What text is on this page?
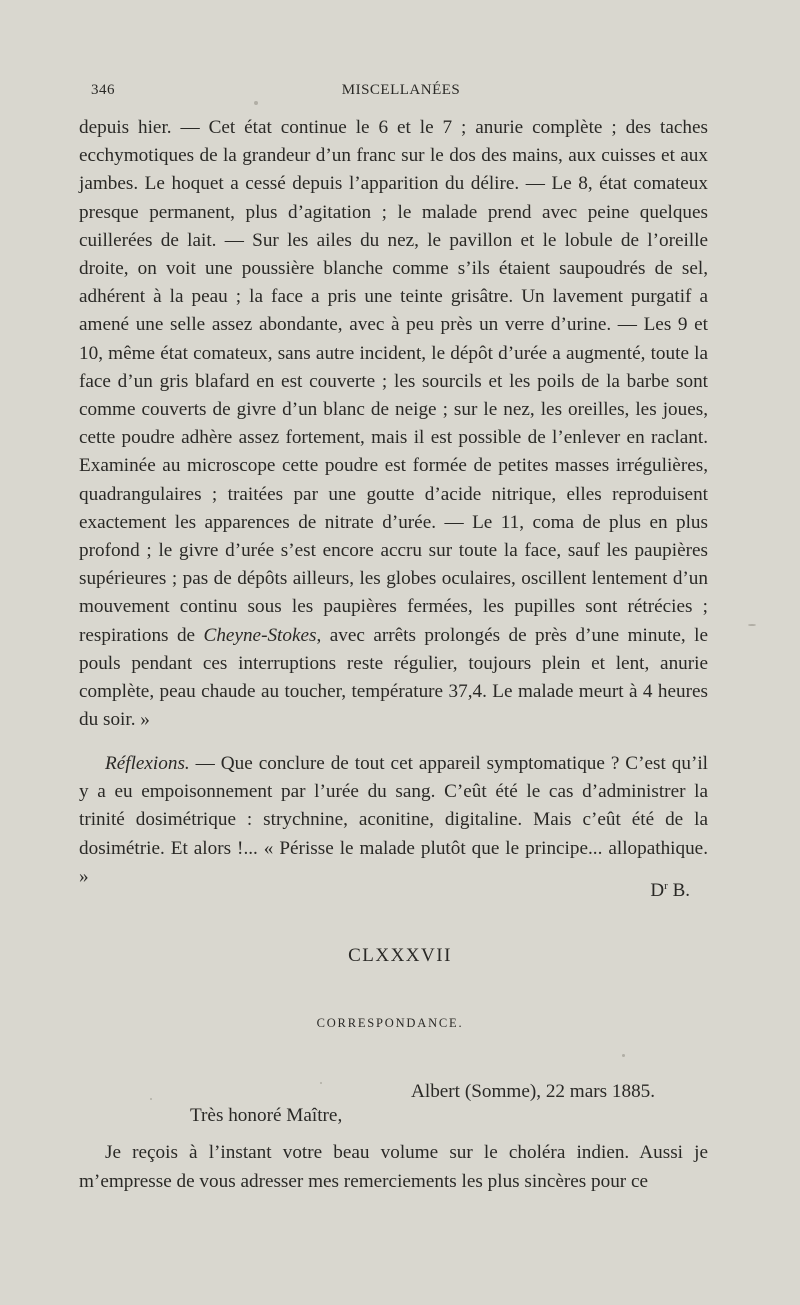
346	MISCELLANÉES

depuis hier. — Cet état continue le 6 et le 7 ; anurie complète ; des taches ecchymotiques de la grandeur d’un franc sur le dos des mains, aux cuisses et aux jambes. Le hoquet a cessé depuis l’apparition du délire. — Le 8, état comateux presque permanent, plus d’agitation ; le malade prend avec peine quelques cuillerées de lait. — Sur les ailes du nez, le pavillon et le lobule de l’oreille droite, on voit une poussière blanche comme s’ils étaient saupoudrés de sel, adhérent à la peau ; la face a pris une teinte grisâtre. Un lavement purgatif a amené une selle assez abondante, avec à peu près un verre d’urine. — Les 9 et 10, même état comateux, sans autre incident, le dépôt d’urée a augmenté, toute la face d’un gris blafard en est couverte ; les sourcils et les poils de la barbe sont comme couverts de givre d’un blanc de neige ; sur le nez, les oreilles, les joues, cette poudre adhère assez fortement, mais il est possible de l’enlever en raclant. Examinée au microscope cette poudre est formée de petites masses irrégulières, quadrangulaires ; traitées par une goutte d’acide nitrique, elles reproduisent exactement les apparences de nitrate d’urée. — Le 11, coma de plus en plus profond ; le givre d’urée s’est encore accru sur toute la face, sauf les paupières supérieures ; pas de dépôts ailleurs, les globes oculaires, oscillent lentement d’un mouvement continu sous les paupières fermées, les pupilles sont rétrécies ; respirations de Cheyne-Stokes, avec arrêts prolongés de près d’une minute, le pouls pendant ces interruptions reste régulier, toujours plein et lent, anurie complète, peau chaude au toucher, température 37,4. Le malade meurt à 4 heures du soir. »

Réflexions. — Que conclure de tout cet appareil symptomatique ? C’est qu’il y a eu empoisonnement par l’urée du sang. C’eût été le cas d’administrer la trinité dosimétrique : strychnine, aconitine, digitaline. Mais c’eût été de la dosimétrie. Et alors !... « Périsse le malade plutôt que le principe... allopathique. »

$D^r$ B.
CLXXXVII
CORRESPONDANCE.
Albert (Somme), 22 mars 1885.
Très honoré Maître,

Je reçois à l’instant votre beau volume sur le choléra indien. Aussi je m’empresse de vous adresser mes remerciements les plus sincères pour ce
